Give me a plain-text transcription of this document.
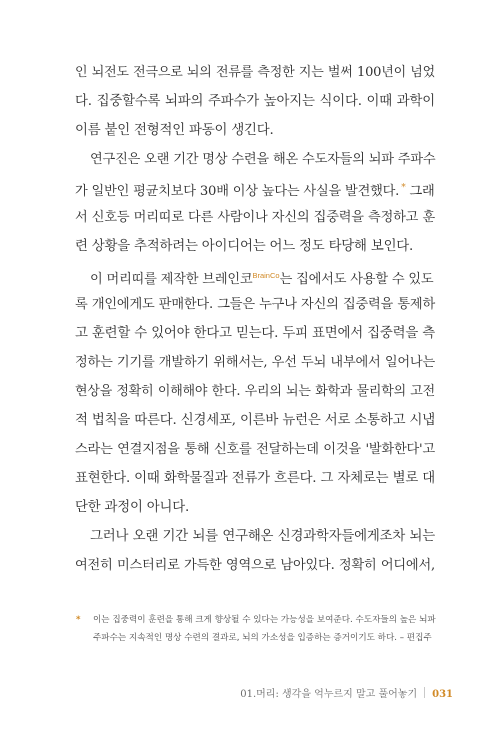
인 뇌전도 전극으로 뇌의 전류를 측정한 지는 벌써 100년이 넘었
다. 집중할수록 뇌파의 주파수가 높아지는 식이다. 이때 과학이
이름 붙인 전형적인 파동이 생긴다.
연구진은 오랜 기간 명상 수련을 해온 수도자들의 뇌파 주파수
가 일반인 평균치보다 30배 이상 높다는 사실을 발견했다. * 그래
서 신호등 머리띠로 다른 사람이나 자신의 집중력을 측정하고 훈
련 상황을 추적하려는 아이디어는 어느 정도 타당해 보인다.
이 머리띠를 제작한 브레인코$^{BrainCo}$는 집에서도 사용할 수 있도
록 개인에게도 판매한다. 그들은 누구나 자신의 집중력을 통제하
고 훈련할 수 있어야 한다고 믿는다. 두피 표면에서 집중력을 측
정하는 기기를 개발하기 위해서는, 우선 두뇌 내부에서 일어나는
현상을 정확히 이해해야 한다. 우리의 뇌는 화학과 물리학의 고전
적 법칙을 따른다. 신경세포, 이른바 뉴런은 서로 소통하고 시냅
스라는 연결지점을 통해 신호를 전달하는데 이것을 '발화한다'고
표현한다. 이때 화학물질과 전류가 흐른다. 그 자체로는 별로 대
단한 과정이 아니다.
그러나 오랜 기간 뇌를 연구해온 신경과학자들에게조차 뇌는
여전히 미스터리로 가득한 영역으로 남아있다. 정확히 어디에서,
* 이는 집중력이 훈련을 통해 크게 향상될 수 있다는 가능성을 보여준다. 수도자들의 높은 뇌파
주파수는 지속적인 명상 수련의 결과로, 뇌의 가소성을 입증하는 증거이기도 하다. – 편집주
01.머리: 생각을 억누르지 말고 풀어놓기 031
